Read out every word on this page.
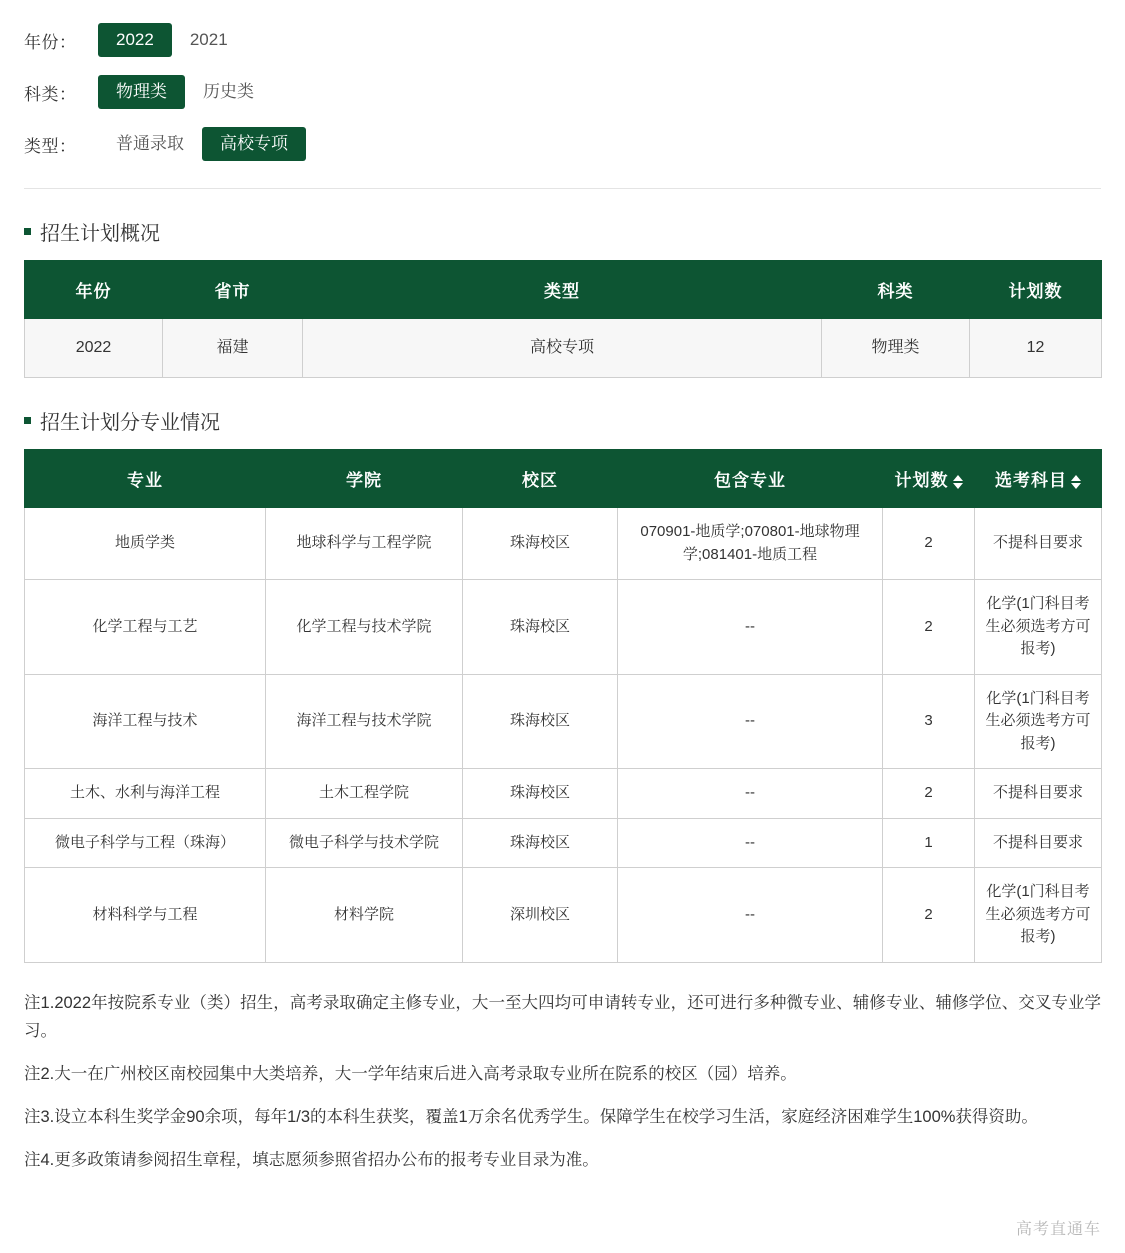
年份：	2022	2021
科类：	物理类	历史类
类型：	普通录取	高校专项
招生计划概况
年份	省市	类型	科类	计划数
2022	福建	高校专项	物理类	12
招生计划分专业情况
专业	学院	校区	包含专业	计划数	选考科目

地质学类	地球科学与工程学院	珠海校区	070901-地质学;070801-地球物理学;081401-地质工程	2	不提科目要求
化学工程与工艺	化学工程与技术学院	珠海校区	--	2	化学(1门科目考生必须选考方可报考)
海洋工程与技术	海洋工程与技术学院	珠海校区	--	3	化学(1门科目考生必须选考方可报考)
土木、水利与海洋工程	土木工程学院	珠海校区	--	2	不提科目要求
微电子科学与工程（珠海）	微电子科学与技术学院	珠海校区	--	1	不提科目要求
材料科学与工程	材料学院	深圳校区	--	2	化学(1门科目考生必须选考方可报考)
注1.2022年按院系专业（类）招生，高考录取确定主修专业，大一至大四均可申请转专业，还可进行多种微专业、辅修专业、辅修学位、交叉专业学习。
注2.大一在广州校区南校园集中大类培养，大一学年结束后进入高考录取专业所在院系的校区（园）培养。
注3.设立本科生奖学金90余项，每年1/3的本科生获奖，覆盖1万余名优秀学生。保障学生在校学习生活，家庭经济困难学生100%获得资助。
注4.更多政策请参阅招生章程，填志愿须参照省招办公布的报考专业目录为准。
高考直通车
